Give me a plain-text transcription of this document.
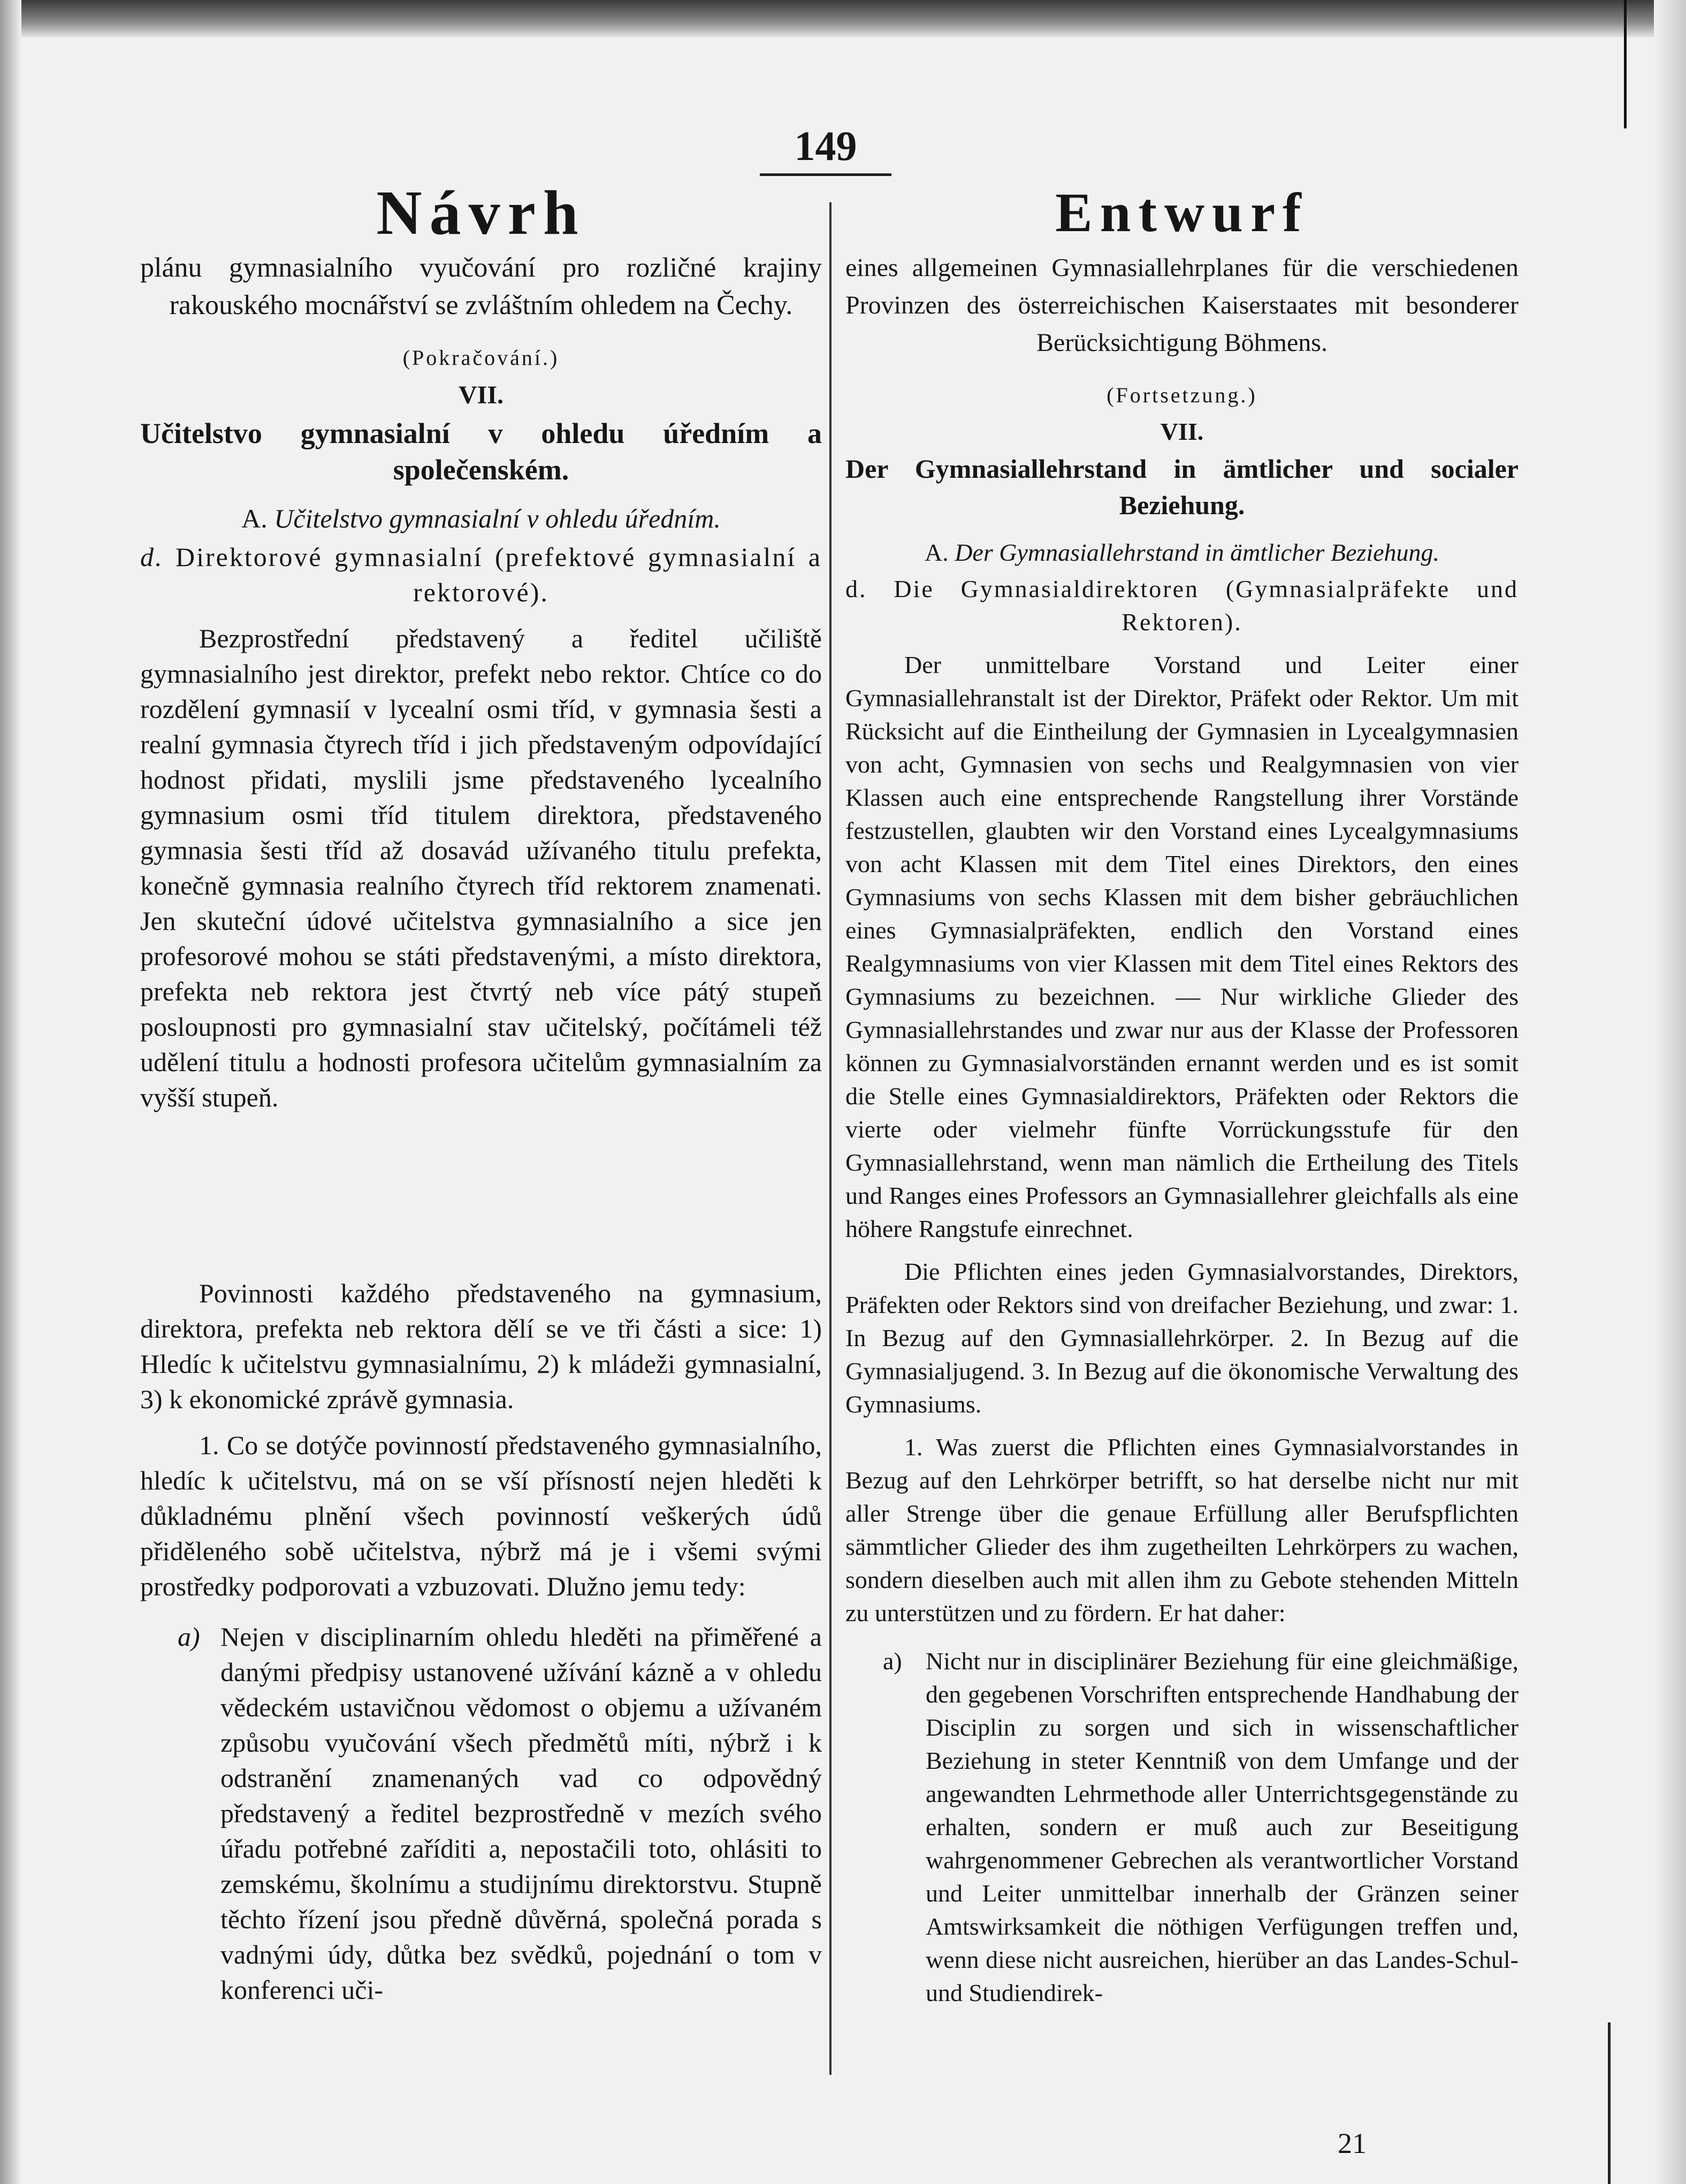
149
Návrh
plánu gymnasialního vyučování pro rozličné krajiny rakouského mocnářství se zvláštním ohledem na Čechy.
(Pokračování.)
VII.
Učitelstvo gymnasialní v ohledu úředním a společenském.
A. Učitelstvo gymnasialní v ohledu úředním.
d. Direktorové gymnasialní (prefektové gymnasialní a rektorové).
Bezprostřední představený a ředitel učiliště gymnasialního jest direktor, prefekt nebo rektor. Chtíce co do rozdělení gymnasií v lycealní osmi tříd, v gymnasia šesti a realní gymnasia čtyrech tříd i jich představeným odpovídající hodnost přidati, myslili jsme představeného lycealního gymnasium osmi tříd titulem direktora, představeného gymnasia šesti tříd až dosavád užívaného titulu prefekta, konečně gymnasia realního čtyrech tříd rektorem znamenati. Jen skuteční údové učitelstva gymnasialního a sice jen profesorové mohou se státi představenými, a místo direktora, prefekta neb rektora jest čtvrtý neb více pátý stupeň posloupnosti pro gymnasialní stav učitelský, počítámeli též udělení titulu a hodnosti profesora učitelům gymnasialním za vyšší stupeň.
Povinnosti každého představeného na gymnasium, direktora, prefekta neb rektora dělí se ve tři části a sice: 1) Hledíc k učitelstvu gymnasialnímu, 2) k mládeži gymnasialní, 3) k ekonomické zprávě gymnasia.
1. Co se dotýče povinností představeného gymnasialního, hledíc k učitelstvu, má on se vší přísností nejen hleděti k důkladnému plnění všech povinností veškerých údů přiděleného sobě učitelstva, nýbrž má je i všemi svými prostředky podporovati a vzbuzovati. Dlužno jemu tedy:
a) Nejen v disciplinarním ohledu hleděti na přiměřené a danými předpisy ustanovené užívání kázně a v ohledu vědeckém ustavičnou vědomost o objemu a užívaném způsobu vyučování všech předmětů míti, nýbrž i k odstranění znamenaných vad co odpovědný představený a ředitel bezprostředně v mezích svého úřadu potřebné zaříditi a, nepostačili toto, ohlásiti to zemskému, školnímu a studijnímu direktorstvu. Stupně těchto řízení jsou předně důvěrná, společná porada s vadnými údy, důtka bez svědků, pojednání o tom v konferenci uči-
Entwurf
eines allgemeinen Gymnasiallehrplanes für die verschiedenen Provinzen des österreichischen Kaiserstaates mit besonderer Berücksichtigung Böhmens.
(Fortsetzung.)
VII.
Der Gymnasiallehrstand in ämtlicher und socialer Beziehung.
A. Der Gymnasiallehrstand in ämtlicher Beziehung.
d. Die Gymnasialdirektoren (Gymnasialpräfekte und Rektoren).
Der unmittelbare Vorstand und Leiter einer Gymnasiallehranstalt ist der Direktor, Präfekt oder Rektor. Um mit Rücksicht auf die Eintheilung der Gymnasien in Lycealgymnasien von acht, Gymnasien von sechs und Realgymnasien von vier Klassen auch eine entsprechende Rangstellung ihrer Vorstände festzustellen, glaubten wir den Vorstand eines Lycealgymnasiums von acht Klassen mit dem Titel eines Direktors, den eines Gymnasiums von sechs Klassen mit dem bisher gebräuchlichen eines Gymnasialpräfekten, endlich den Vorstand eines Realgymnasiums von vier Klassen mit dem Titel eines Rektors des Gymnasiums zu bezeichnen. — Nur wirkliche Glieder des Gymnasiallehrstandes und zwar nur aus der Klasse der Professoren können zu Gymnasialvorständen ernannt werden und es ist somit die Stelle eines Gymnasialdirektors, Präfekten oder Rektors die vierte oder vielmehr fünfte Vorrückungsstufe für den Gymnasiallehrstand, wenn man nämlich die Ertheilung des Titels und Ranges eines Professors an Gymnasiallehrer gleichfalls als eine höhere Rangstufe einrechnet.
Die Pflichten eines jeden Gymnasialvorstandes, Direktors, Präfekten oder Rektors sind von dreifacher Beziehung, und zwar: 1. In Bezug auf den Gymnasiallehrkörper. 2. In Bezug auf die Gymnasialjugend. 3. In Bezug auf die ökonomische Verwaltung des Gymnasiums.
1. Was zuerst die Pflichten eines Gymnasialvorstandes in Bezug auf den Lehrkörper betrifft, so hat derselbe nicht nur mit aller Strenge über die genaue Erfüllung aller Berufspflichten sämmtlicher Glieder des ihm zugetheilten Lehrkörpers zu wachen, sondern dieselben auch mit allen ihm zu Gebote stehenden Mitteln zu unterstützen und zu fördern. Er hat daher:
a) Nicht nur in disciplinärer Beziehung für eine gleichmäßige, den gegebenen Vorschriften entsprechende Handhabung der Disciplin zu sorgen und sich in wissenschaftlicher Beziehung in steter Kenntniß von dem Umfange und der angewandten Lehrmethode aller Unterrichtsgegenstände zu erhalten, sondern er muß auch zur Beseitigung wahrgenommener Gebrechen als verantwortlicher Vorstand und Leiter unmittelbar innerhalb der Gränzen seiner Amtswirksamkeit die nöthigen Verfügungen treffen und, wenn diese nicht ausreichen, hierüber an das Landes-Schul- und Studiendirek-
21
